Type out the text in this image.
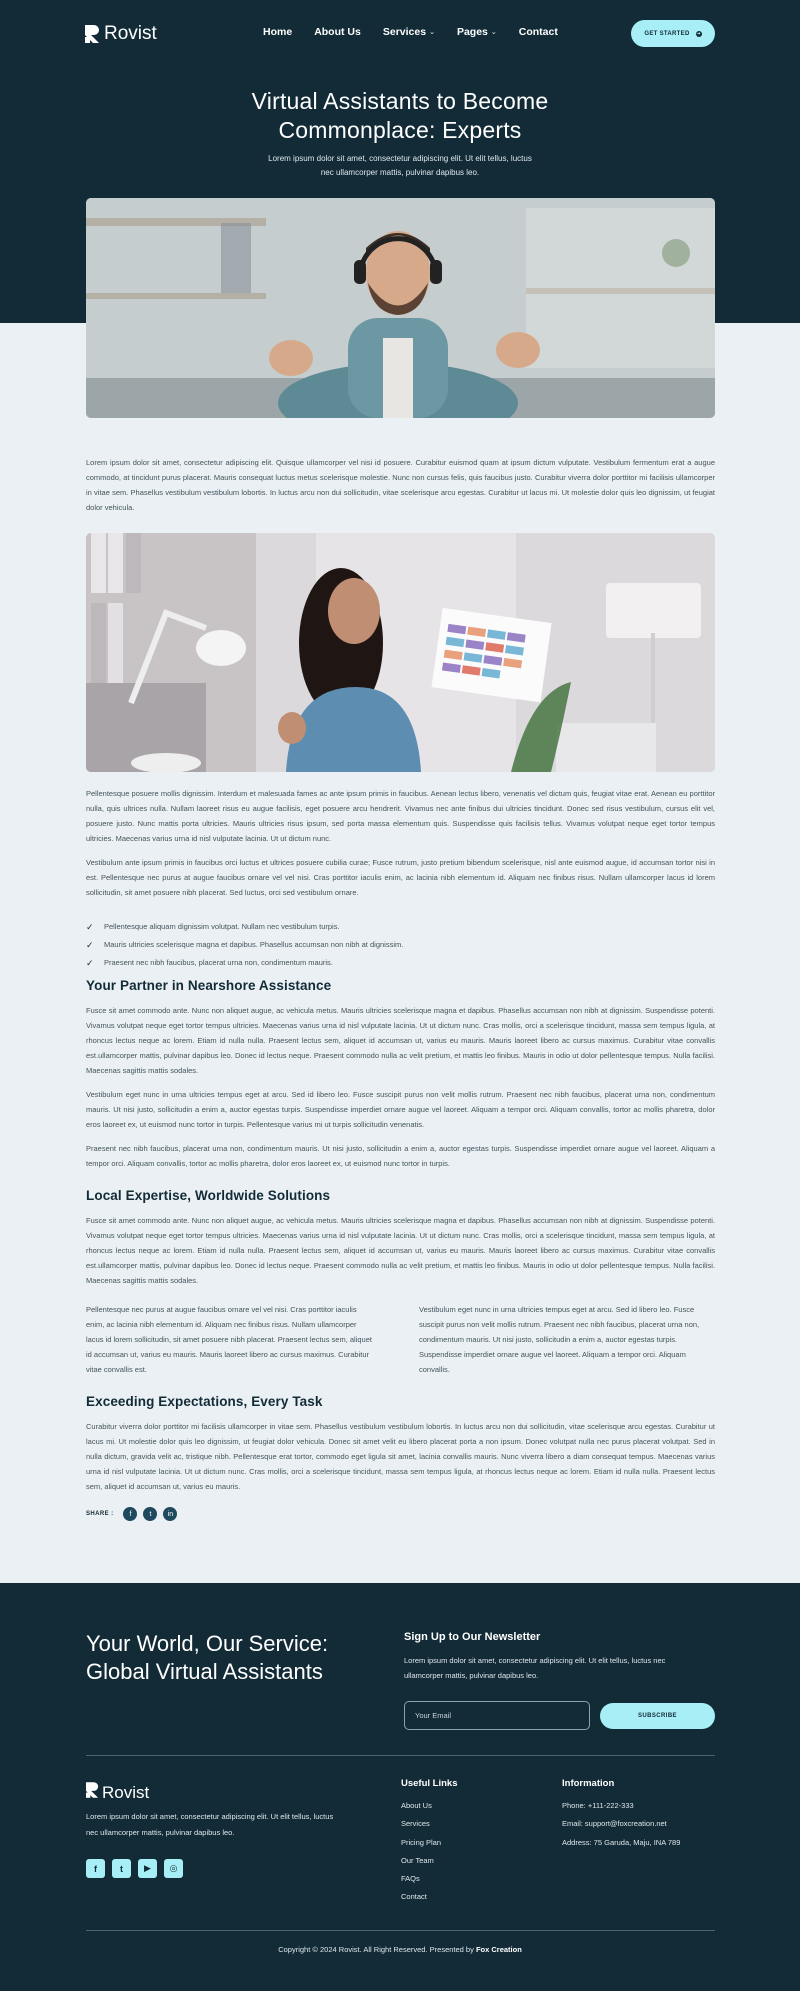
Rovist	Home About Us Services ⌄ Pages ⌄ Contact	GET STARTED ➜
Virtual Assistants to Become Commonplace: Experts
Lorem ipsum dolor sit amet, consectetur adipiscing elit. Ut elit tellus, luctus nec ullamcorper mattis, pulvinar dapibus leo.

Lorem ipsum dolor sit amet, consectetur adipiscing elit. Quisque ullamcorper vel nisi id posuere. Curabitur euismod quam at ipsum dictum vulputate. Vestibulum fermentum erat a augue commodo, at tincidunt purus placerat. Mauris consequat luctus metus scelerisque molestie. Nunc non cursus felis, quis faucibus justo. Curabitur viverra dolor porttitor mi facilisis ullamcorper in vitae sem. Phasellus vestibulum vestibulum lobortis. In luctus arcu non dui sollicitudin, vitae scelerisque arcu egestas. Curabitur ut lacus mi. Ut molestie dolor quis leo dignissim, ut feugiat dolor vehicula.

Pellentesque posuere mollis dignissim. Interdum et malesuada fames ac ante ipsum primis in faucibus. Aenean lectus libero, venenatis vel dictum quis, feugiat vitae erat. Aenean eu porttitor nulla, quis ultrices nulla. Nullam laoreet risus eu augue facilisis, eget posuere arcu hendrerit. Vivamus nec ante finibus dui ultricies tincidunt. Donec sed risus vestibulum, cursus elit vel, posuere justo. Nunc mattis porta ultricies. Mauris ultricies risus ipsum, sed porta massa elementum quis. Suspendisse quis facilisis tellus. Vivamus volutpat neque eget tortor tempus ultricies. Maecenas varius urna id nisl vulputate lacinia. Ut ut dictum nunc.

Vestibulum ante ipsum primis in faucibus orci luctus et ultrices posuere cubilia curae; Fusce rutrum, justo pretium bibendum scelerisque, nisl ante euismod augue, id accumsan tortor nisi in est. Pellentesque nec purus at augue faucibus ornare vel vel nisi. Cras porttitor iaculis enim, ac lacinia nibh elementum id. Aliquam nec finibus risus. Nullam ullamcorper lacus id lorem sollicitudin, sit amet posuere nibh placerat. Sed luctus, orci sed vestibulum ornare.

✓ Pellentesque aliquam dignissim volutpat. Nullam nec vestibulum turpis.
✓ Mauris ultricies scelerisque magna et dapibus. Phasellus accumsan non nibh at dignissim.
✓ Praesent nec nibh faucibus, placerat urna non, condimentum mauris.
Your Partner in Nearshore Assistance

Fusce sit amet commodo ante. Nunc non aliquet augue, ac vehicula metus. Mauris ultricies scelerisque magna et dapibus. Phasellus accumsan non nibh at dignissim. Suspendisse potenti. Vivamus volutpat neque eget tortor tempus ultricies. Maecenas varius urna id nisl vulputate lacinia. Ut ut dictum nunc. Cras mollis, orci a scelerisque tincidunt, massa sem tempus ligula, at rhoncus lectus neque ac lorem. Etiam id nulla nulla. Praesent lectus sem, aliquet id accumsan ut, varius eu mauris. Mauris laoreet libero ac cursus maximus. Curabitur vitae convallis est.ullamcorper mattis, pulvinar dapibus leo. Donec id lectus neque. Praesent commodo nulla ac velit pretium, et mattis leo finibus. Mauris in odio ut dolor pellentesque tempus. Nulla facilisi. Maecenas sagittis mattis sodales.

Vestibulum eget nunc in urna ultricies tempus eget at arcu. Sed id libero leo. Fusce suscipit purus non velit mollis rutrum. Praesent nec nibh faucibus, placerat urna non, condimentum mauris. Ut nisi justo, sollicitudin a enim a, auctor egestas turpis. Suspendisse imperdiet ornare augue vel laoreet. Aliquam a tempor orci. Aliquam convallis, tortor ac mollis pharetra, dolor eros laoreet ex, ut euismod nunc tortor in turpis. Pellentesque varius mi ut turpis sollicitudin venenatis.

Praesent nec nibh faucibus, placerat urna non, condimentum mauris. Ut nisi justo, sollicitudin a enim a, auctor egestas turpis. Suspendisse imperdiet ornare augue vel laoreet. Aliquam a tempor orci. Aliquam convallis, tortor ac mollis pharetra, dolor eros laoreet ex, ut euismod nunc tortor in turpis.

Local Expertise, Worldwide Solutions

Fusce sit amet commodo ante. Nunc non aliquet augue, ac vehicula metus. Mauris ultricies scelerisque magna et dapibus. Phasellus accumsan non nibh at dignissim. Suspendisse potenti. Vivamus volutpat neque eget tortor tempus ultricies. Maecenas varius urna id nisl vulputate lacinia. Ut ut dictum nunc. Cras mollis, orci a scelerisque tincidunt, massa sem tempus ligula, at rhoncus lectus neque ac lorem. Etiam id nulla nulla. Praesent lectus sem, aliquet id accumsan ut, varius eu mauris. Mauris laoreet libero ac cursus maximus. Curabitur vitae convallis est.ullamcorper mattis, pulvinar dapibus leo. Donec id lectus neque. Praesent commodo nulla ac velit pretium, et mattis leo finibus. Mauris in odio ut dolor pellentesque tempus. Nulla facilisi. Maecenas sagittis mattis sodales.

Pellentesque nec purus at augue faucibus ornare vel vel nisi. Cras porttitor iaculis enim, ac lacinia nibh elementum id. Aliquam nec finibus risus. Nullam ullamcorper lacus id lorem sollicitudin, sit amet posuere nibh placerat. Praesent lectus sem, aliquet id accumsan ut, varius eu mauris. Mauris laoreet libero ac cursus maximus. Curabitur vitae convallis est.
Vestibulum eget nunc in urna ultricies tempus eget at arcu. Sed id libero leo. Fusce suscipit purus non velit mollis rutrum. Praesent nec nibh faucibus, placerat urna non, condimentum mauris. Ut nisi justo, sollicitudin a enim a, auctor egestas turpis. Suspendisse imperdiet ornare augue vel laoreet. Aliquam a tempor orci. Aliquam convallis.
Exceeding Expectations, Every Task

Curabitur viverra dolor porttitor mi facilisis ullamcorper in vitae sem. Phasellus vestibulum vestibulum lobortis. In luctus arcu non dui sollicitudin, vitae scelerisque arcu egestas. Curabitur ut lacus mi. Ut molestie dolor quis leo dignissim, ut feugiat dolor vehicula. Donec sit amet velit eu libero placerat porta a non ipsum. Donec volutpat nulla nec purus placerat volutpat. Sed in nulla dictum, gravida velit ac, tristique nibh. Pellentesque erat tortor, commodo eget ligula sit amet, lacinia convallis mauris. Nunc viverra libero a diam consequat tempus. Maecenas varius urna id nisl vulputate lacinia. Ut ut dictum nunc. Cras mollis, orci a scelerisque tincidunt, massa sem tempus ligula, at rhoncus lectus neque ac lorem. Etiam id nulla nulla. Praesent lectus sem, aliquet id accumsan ut, varius eu mauris.

SHARE :	f	t	in
Your World, Our Service: Global Virtual Assistants
Sign Up to Our Newsletter
Lorem ipsum dolor sit amet, consectetur adipiscing elit. Ut elit tellus, luctus nec ullamcorper mattis, pulvinar dapibus leo.
Your Email	SUBSCRIBE
Rovist
Lorem ipsum dolor sit amet, consectetur adipiscing elit. Ut elit tellus, luctus nec ullamcorper mattis, pulvinar dapibus leo.
f	t	▶	◎
Useful Links
About Us
Services
Pricing Plan
Our Team
FAQs
Contact
Information
Phone: +111-222-333
Email: support@foxcreation.net
Address: 75 Garuda, Maju, INA 789
Copyright © 2024 Rovist. All Right Reserved. Presented by Fox Creation
